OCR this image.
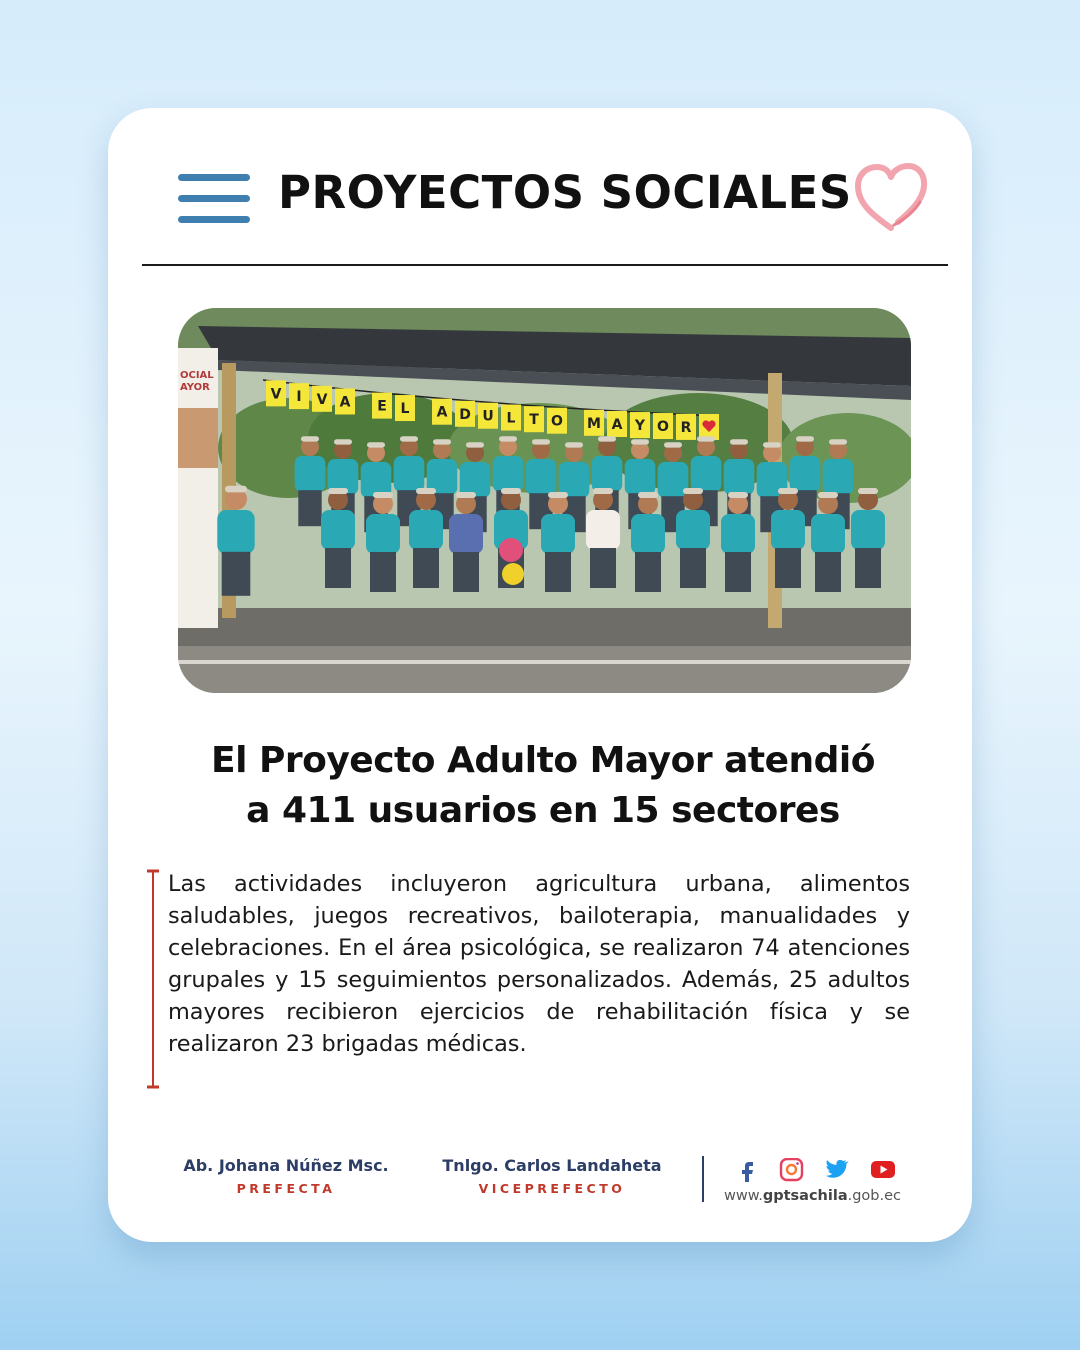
PROYECTOS SOCIALES
OCIAL
AYOR	V I V A E L A D U L T O M A Y O R
El Proyecto Adulto Mayor atendió
a 411 usuarios en 15 sectores

Las actividades incluyeron agricultura urbana, alimentos saludables, juegos recreativos, bailoterapia, manualidades y celebraciones. En el área psicológica, se realizaron 74 atenciones grupales y 15 seguimientos personalizados. Además, 25 adultos mayores recibieron ejercicios de rehabilitación física y se realizaron 23 brigadas médicas.

Ab. Johana Núñez Msc.
PREFECTA
Tnlgo. Carlos Landaheta
VICEPREFECTO	www.gptsachila.gob.ec
